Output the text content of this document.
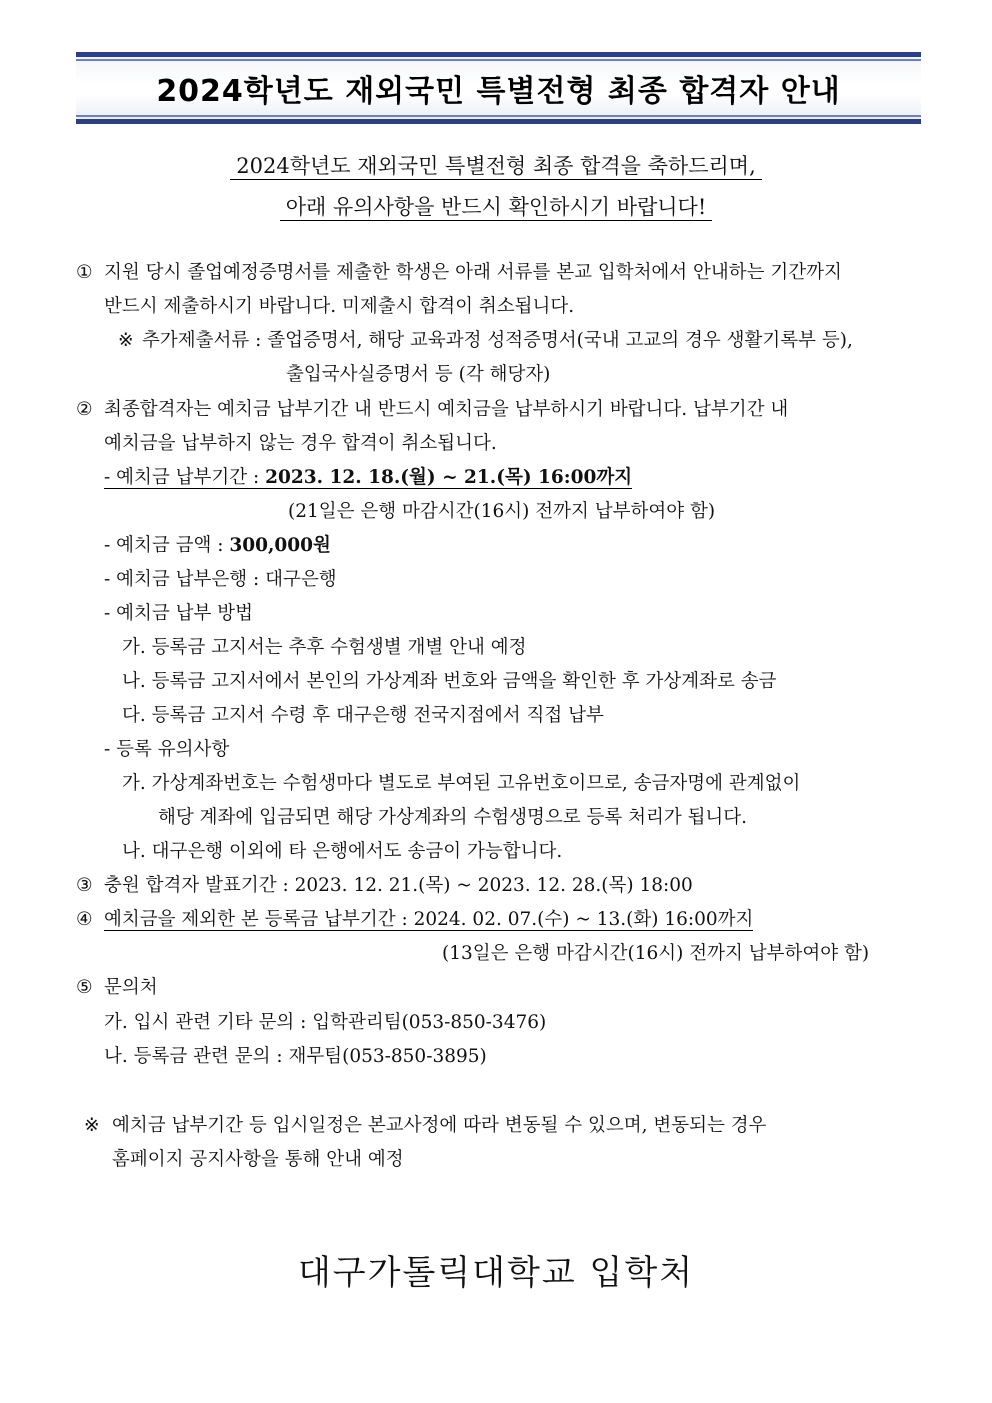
2024학년도 재외국민 특별전형 최종 합격자 안내
2024학년도 재외국민 특별전형 최종 합격을 축하드리며,
아래 유의사항을 반드시 확인하시기 바랍니다!
① 지원 당시 졸업예정증명서를 제출한 학생은 아래 서류를 본교 입학처에서 안내하는 기간까지
반드시 제출하시기 바랍니다. 미제출시 합격이 취소됩니다.
※ 추가제출서류 : 졸업증명서, 해당 교육과정 성적증명서(국내 고교의 경우 생활기록부 등),
출입국사실증명서 등 (각 해당자)
② 최종합격자는 예치금 납부기간 내 반드시 예치금을 납부하시기 바랍니다. 납부기간 내
예치금을 납부하지 않는 경우 합격이 취소됩니다.
- 예치금 납부기간 : 2023. 12. 18.(월) ~ 21.(목) 16:00까지
(21일은 은행 마감시간(16시) 전까지 납부하여야 함)
- 예치금 금액 : 300,000원
- 예치금 납부은행 : 대구은행
- 예치금 납부 방법
가. 등록금 고지서는 추후 수험생별 개별 안내 예정
나. 등록금 고지서에서 본인의 가상계좌 번호와 금액을 확인한 후 가상계좌로 송금
다. 등록금 고지서 수령 후 대구은행 전국지점에서 직접 납부
- 등록 유의사항
가. 가상계좌번호는 수험생마다 별도로 부여된 고유번호이므로, 송금자명에 관계없이
해당 계좌에 입금되면 해당 가상계좌의 수험생명으로 등록 처리가 됩니다.
나. 대구은행 이외에 타 은행에서도 송금이 가능합니다.
③ 충원 합격자 발표기간 : 2023. 12. 21.(목) ~ 2023. 12. 28.(목) 18:00
④ 예치금을 제외한 본 등록금 납부기간 : 2024. 02. 07.(수) ~ 13.(화) 16:00까지
(13일은 은행 마감시간(16시) 전까지 납부하여야 함)
⑤ 문의처
가. 입시 관련 기타 문의 : 입학관리팀(053-850-3476)
나. 등록금 관련 문의 : 재무팀(053-850-3895)
※ 예치금 납부기간 등 입시일정은 본교사정에 따라 변동될 수 있으며, 변동되는 경우
홈페이지 공지사항을 통해 안내 예정
대구가톨릭대학교 입학처
